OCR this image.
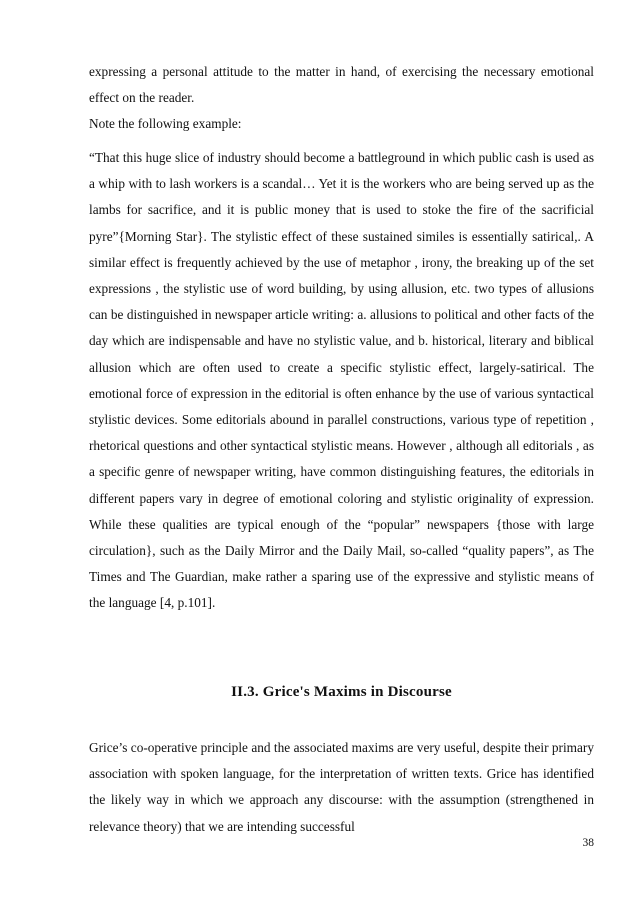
expressing a personal attitude to the matter in hand, of exercising the necessary emotional effect on the reader.
Note the following example:
“That this huge slice of industry should become a battleground in which public cash is used as a whip with to lash workers is a scandal… Yet it is the workers who are being served up as the lambs for sacrifice, and it is public money that is used to stoke the fire of the sacrificial pyre”{Morning Star}. The stylistic effect of these sustained similes is essentially satirical,. A similar effect is frequently achieved by the use of metaphor , irony, the breaking up of the set expressions , the stylistic use of word building, by using allusion, etc. two types of allusions can be distinguished in newspaper article writing: a. allusions to political and other facts of the day which are indispensable and have no stylistic value, and b. historical, literary and biblical allusion which are often used to create a specific stylistic effect, largely-satirical. The emotional force of expression in the editorial is often enhance by the use of various syntactical stylistic devices. Some editorials abound in parallel constructions, various type of repetition , rhetorical questions and other syntactical stylistic means. However , although all editorials , as a specific genre of newspaper writing, have common distinguishing features, the editorials in different papers vary in degree of emotional coloring and stylistic originality of expression. While these qualities are typical enough of the “popular” newspapers {those with large circulation}, such as the Daily Mirror and the Daily Mail, so-called “quality papers”, as The Times and The Guardian, make rather a sparing use of the expressive and stylistic means of the language [4, p.101].
II.3. Grice's Maxims in Discourse
Grice’s co-operative principle and the associated maxims are very useful, despite their primary association with spoken language, for the interpretation of written texts. Grice has identified the likely way in which we approach any discourse: with the assumption (strengthened in relevance theory) that we are intending successful
38
